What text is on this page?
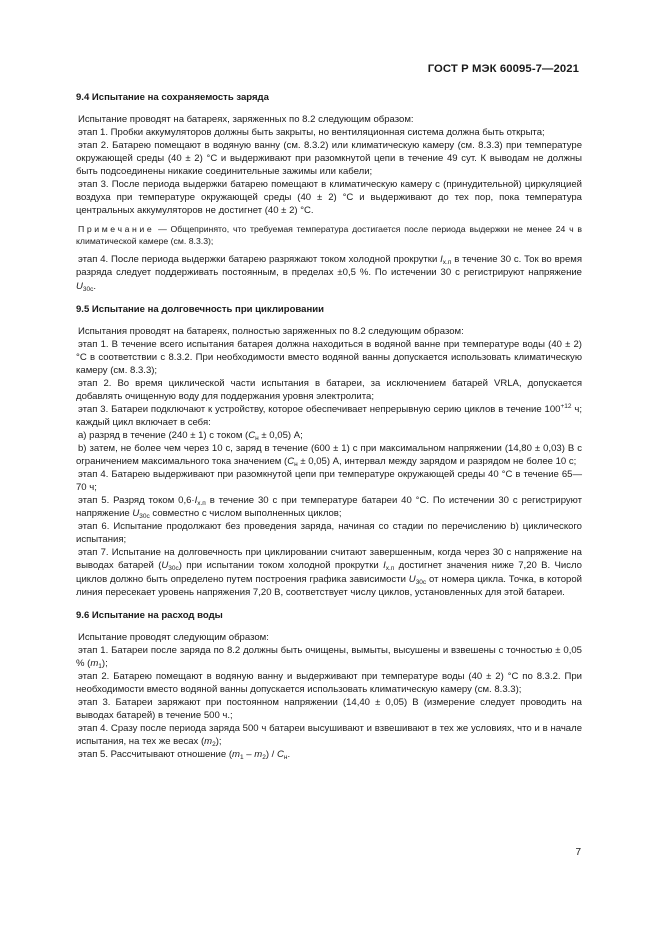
ГОСТ Р МЭК 60095-7—2021
9.4 Испытание на сохраняемость заряда

Испытание проводят на батареях, заряженных по 8.2 следующим образом:

этап 1. Пробки аккумуляторов должны быть закрыты, но вентиляционная система должна быть открыта;

этап 2. Батарею помещают в водяную ванну (см. 8.3.2) или климатическую камеру (см. 8.3.3) при температуре окружающей среды (40 ± 2) °С и выдерживают при разомкнутой цепи в течение 49 сут. К выводам не должны быть подсоединены никакие соединительные зажимы или кабели;

этап 3. После периода выдержки батарею помещают в климатическую камеру с (принудительной) циркуляцией воздуха при температуре окружающей среды (40 ± 2) °С и выдерживают до тех пор, пока температура центральных аккумуляторов не достигнет (40 ± 2) °С.

Примечание — Общепринято, что требуемая температура достигается после периода выдержки не менее 24 ч в климатической камере (см. 8.3.3);

этап 4. После периода выдержки батарею разряжают током холодной прокрутки $I_{х.п}$ в течение 30 с. Ток во время разряда следует поддерживать постоянным, в пределах ±0,5 %. По истечении 30 с регистрируют напряжение $U_{30с}$.

9.5 Испытание на долговечность при циклировании

Испытания проводят на батареях, полностью заряженных по 8.2 следующим образом:

этап 1. В течение всего испытания батарея должна находиться в водяной ванне при температуре воды (40 ± 2) °С в соответствии с 8.3.2. При необходимости вместо водяной ванны допускается использовать климатическую камеру (см. 8.3.3);

этап 2. Во время циклической части испытания в батареи, за исключением батарей VRLA, допускается добавлять очищенную воду для поддержания уровня электролита;

этап 3. Батареи подключают к устройству, которое обеспечивает непрерывную серию циклов в течение $100^{+12}$ ч; каждый цикл включает в себя:

а) разряд в течение (240 ± 1) с током $(C_н \pm 0,05)$ А;

b) затем, не более чем через 10 с, заряд в течение (600 ± 1) с при максимальном напряжении (14,80 ± 0,03) В с ограничением максимального тока значением $(C_н \pm 0,05)$ А, интервал между зарядом и разрядом не более 10 с;

этап 4. Батарею выдерживают при разомкнутой цепи при температуре окружающей среды 40 °С в течение 65—70 ч;

этап 5. Разряд током $0,6\cdot I_{х.п}$ в течение 30 с при температуре батареи 40 °С. По истечении 30 с регистрируют напряжение $U_{30с}$ совместно с числом выполненных циклов;

этап 6. Испытание продолжают без проведения заряда, начиная со стадии по перечислению b) циклического испытания;

этап 7. Испытание на долговечность при циклировании считают завершенным, когда через 30 с напряжение на выводах батарей $(U_{30с})$ при испытании током холодной прокрутки $I_{х.п}$ достигнет значения ниже 7,20 В. Число циклов должно быть определено путем построения графика зависимости $U_{30с}$ от номера цикла. Точка, в которой линия пересекает уровень напряжения 7,20 В, соответствует числу циклов, установленных для этой батареи.

9.6 Испытание на расход воды

Испытание проводят следующим образом:

этап 1. Батареи после заряда по 8.2 должны быть очищены, вымыты, высушены и взвешены с точностью ± 0,05 % $(m_1)$;

этап 2. Батарею помещают в водяную ванну и выдерживают при температуре воды (40 ± 2) °С по 8.3.2. При необходимости вместо водяной ванны допускается использовать климатическую камеру (см. 8.3.3);

этап 3. Батареи заряжают при постоянном напряжении (14,40 ± 0,05) В (измерение следует проводить на выводах батарей) в течение 500 ч.;

этап 4. Сразу после периода заряда 500 ч батареи высушивают и взвешивают в тех же условиях, что и в начале испытания, на тех же весах $(m_2)$;

этап 5. Рассчитывают отношение $(m_1 - m_2) / C_н$.

7
